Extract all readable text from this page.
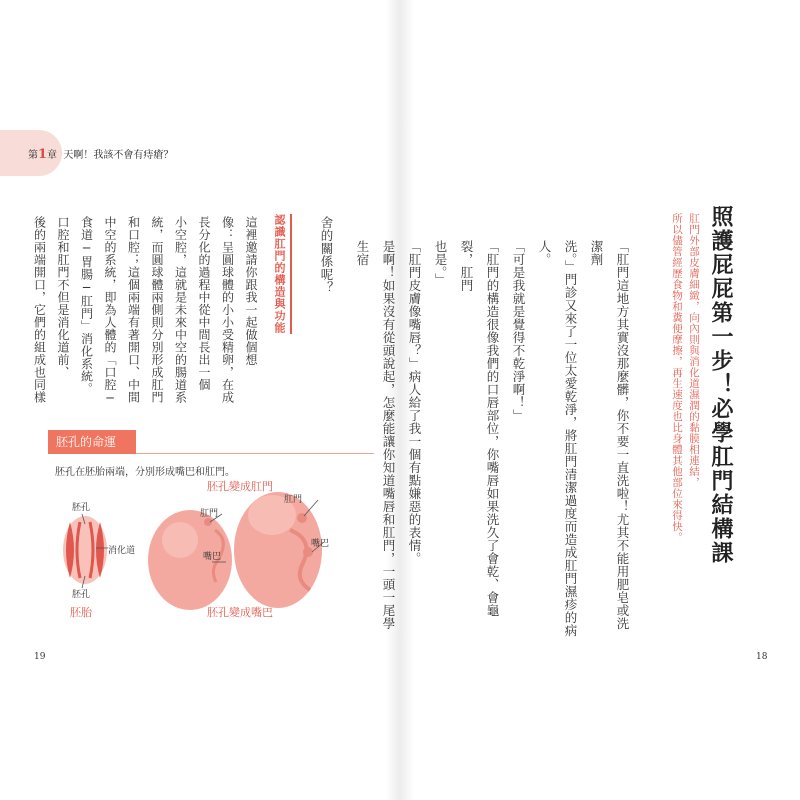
第1章 天啊！我該不會有痔瘡？
照護屁屁第一步！必學肛門結構課
肛門外部皮膚細緻，向內則與消化道濕潤的黏膜相連結，
所以儘管經歷食物和糞便摩擦，再生速度也比身體其他部位來得快。
「肛門這地方其實沒那麼髒，你不要一直洗啦！尤其不能用肥皂或洗潔劑
洗。」門診又來了一位太愛乾淨，將肛門清潔過度而造成肛門濕疹的病人。
「可是我就是覺得不乾淨啊！」
「肛門的構造很像我們的口唇部位，你嘴唇如果洗久了會乾、會龜裂，肛門
也是。」
「肛門皮膚像嘴唇？」病人給了我一個有點嫌惡的表情。
是啊！如果沒有從頭說起，怎麼能讓你知道嘴唇和肛門，一頭一尾學生宿
舍的關係呢？
認識肛門的構造與功能
這裡邀請你跟我一起做個想
像：呈圓球體的小小受精卵，在成
長分化的過程中從中間長出一個
小空腔，這就是未來中空的腸道系
統，而圓球體兩側則分別形成肛門
和口腔；這個兩端有著開口、中間
中空的系統，即為人體的「口腔─
食道─胃腸─肛門」消化系統。
口腔和肛門不但是消化道前、
後的兩端開口，它們的組成也同樣
胚孔的命運
胚孔在胚胎兩端，分別形成嘴巴和肛門。
胚孔
消化道
胚孔
胚胎
胚孔變成肛門
胚孔變成嘴巴
肛門
嘴巴
肛門
嘴巴
19	18
